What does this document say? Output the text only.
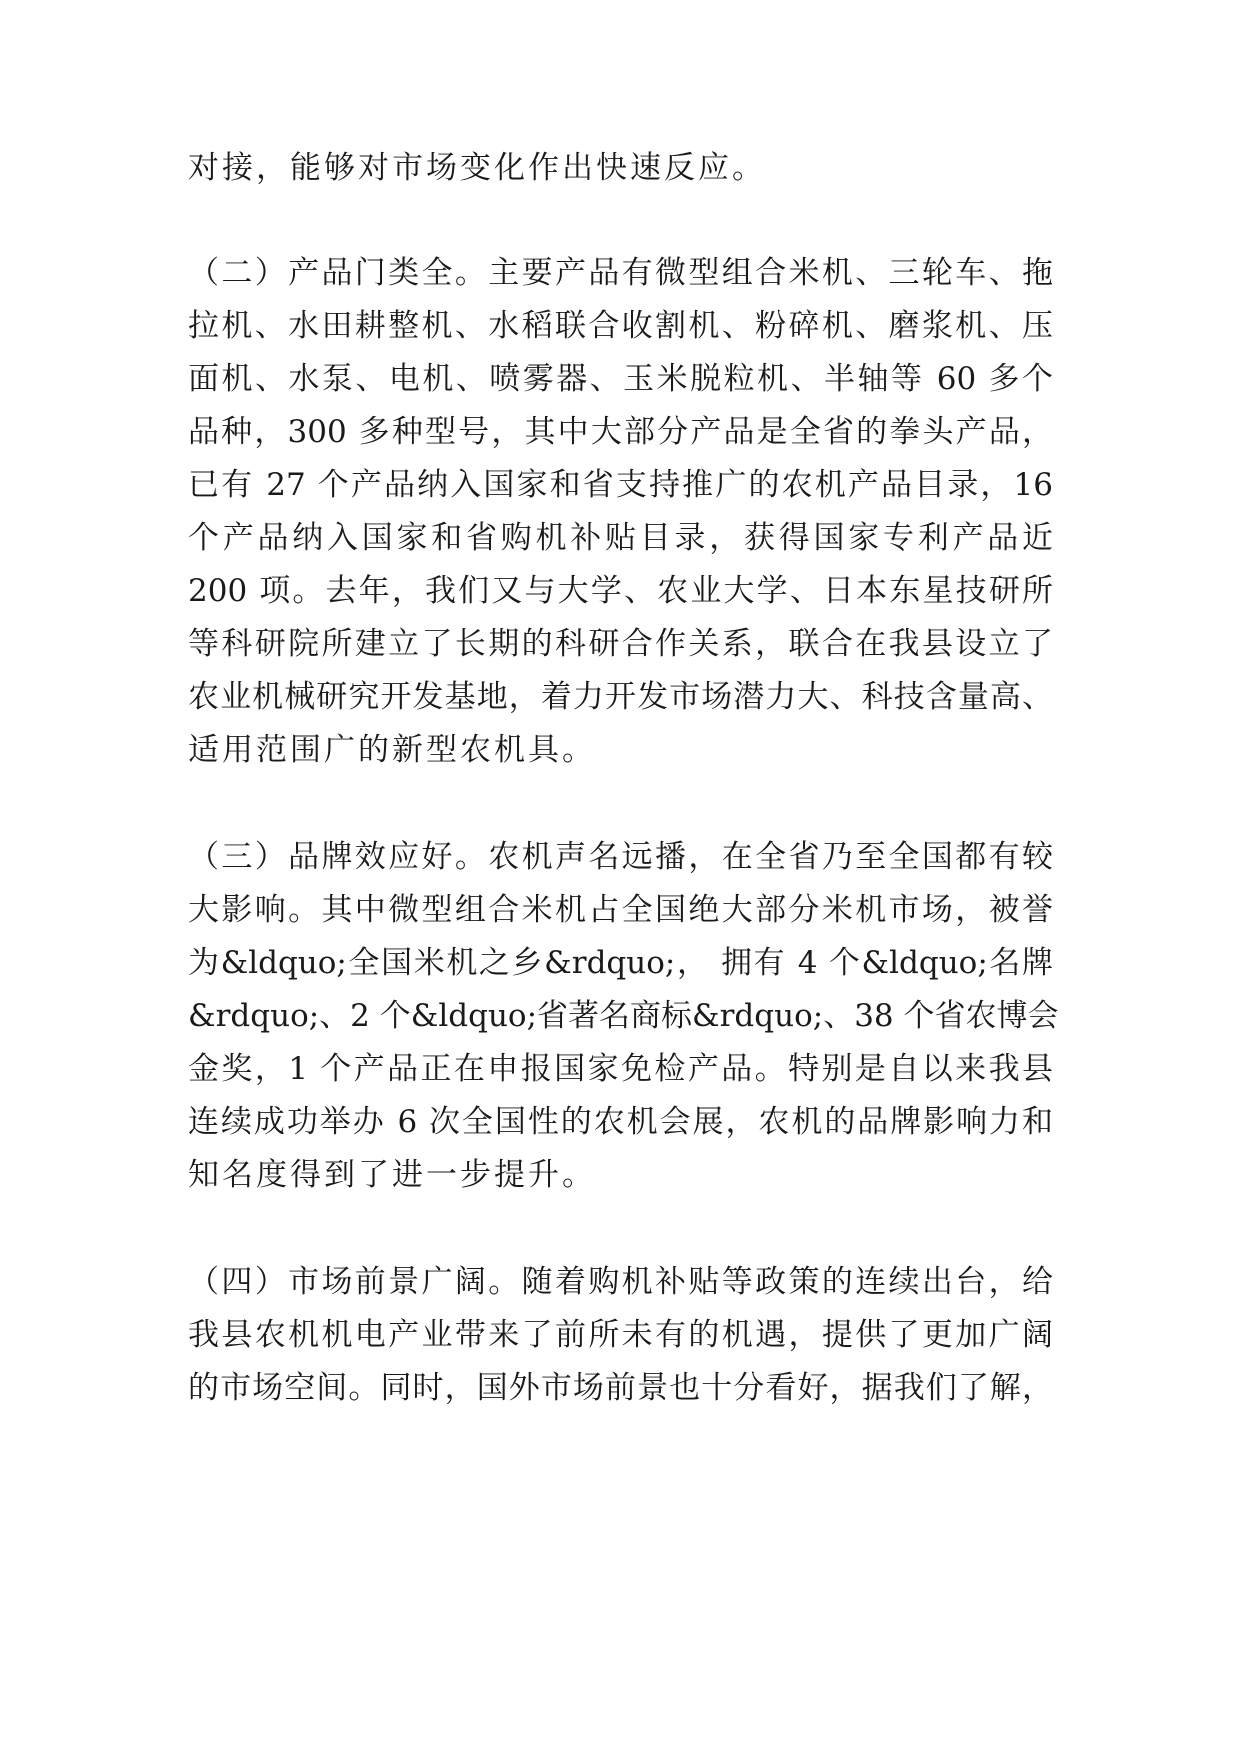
对接，能够对市场变化作出快速反应。
（二）产品门类全。主要产品有微型组合米机、三轮车、拖
拉机、水田耕整机、水稻联合收割机、粉碎机、磨浆机、压
面机、水泵、电机、喷雾器、玉米脱粒机、半轴等 60 多个
品种，300 多种型号，其中大部分产品是全省的拳头产品，
已有 27 个产品纳入国家和省支持推广的农机产品目录，16
个产品纳入国家和省购机补贴目录，获得国家专利产品近
200 项。去年，我们又与大学、农业大学、日本东星技研所
等科研院所建立了长期的科研合作关系，联合在我县设立了
农业机械研究开发基地，着力开发市场潜力大、科技含量高、
适用范围广的新型农机具。
（三）品牌效应好。农机声名远播，在全省乃至全国都有较
大影响。其中微型组合米机占全国绝大部分米机市场，被誉
为&ldquo;全国米机之乡&rdquo;， 拥有 4 个&ldquo;名牌
&rdquo;、2 个&ldquo;省著名商标&rdquo;、38 个省农博会
金奖，1 个产品正在申报国家免检产品。特别是自以来我县
连续成功举办 6 次全国性的农机会展，农机的品牌影响力和
知名度得到了进一步提升。
（四）市场前景广阔。随着购机补贴等政策的连续出台，给
我县农机机电产业带来了前所未有的机遇，提供了更加广阔
的市场空间。同时，国外市场前景也十分看好，据我们了解，
